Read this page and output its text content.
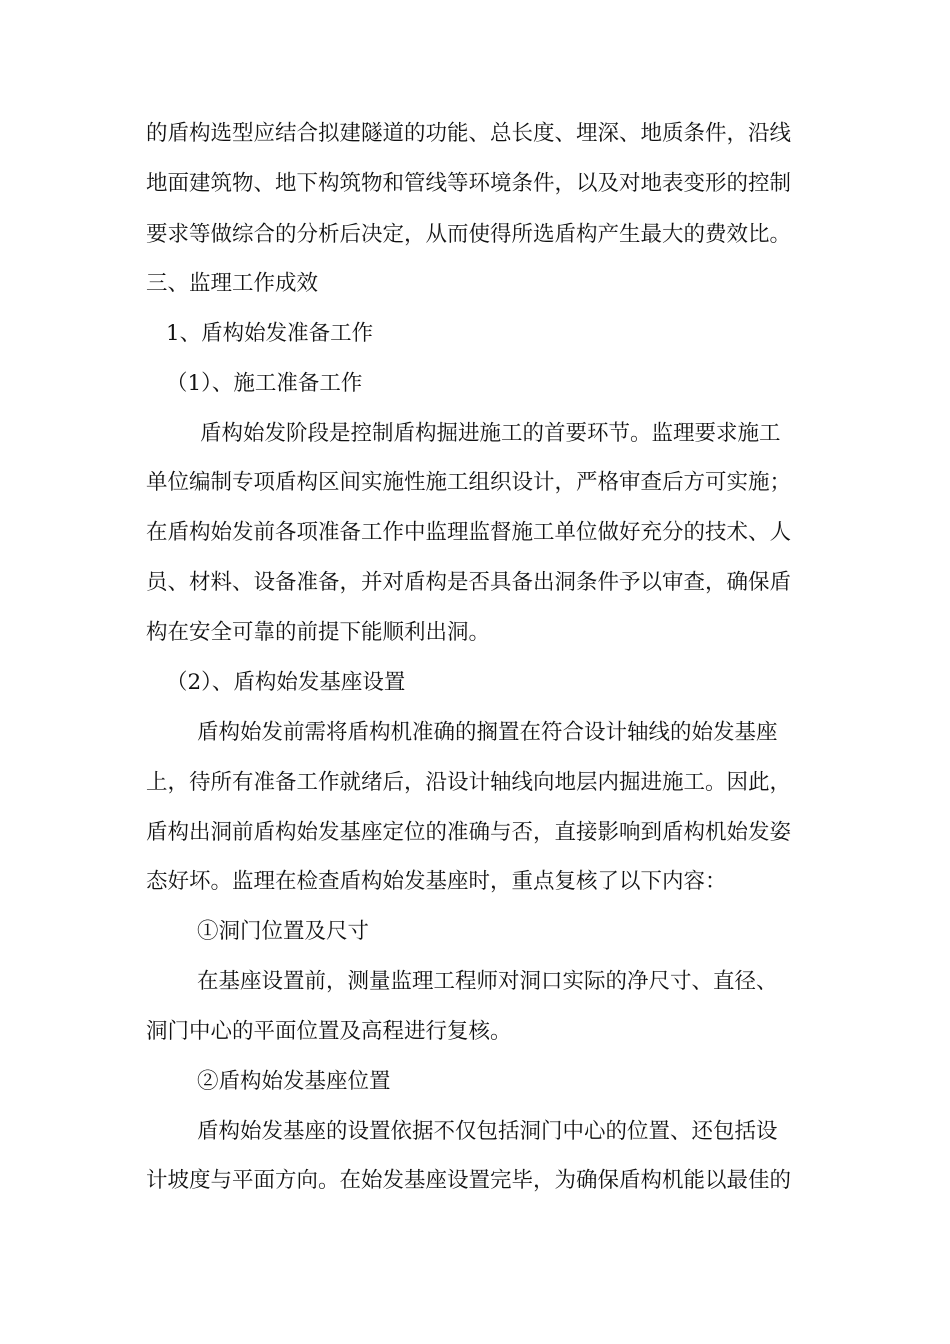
的盾构选型应结合拟建隧道的功能、总长度、埋深、地质条件，沿线
地面建筑物、地下构筑物和管线等环境条件，以及对地表变形的控制
要求等做综合的分析后决定，从而使得所选盾构产生最大的费效比。
三、监理工作成效
1、盾构始发准备工作
（1）、施工准备工作
盾构始发阶段是控制盾构掘进施工的首要环节。监理要求施工
单位编制专项盾构区间实施性施工组织设计，严格审查后方可实施；
在盾构始发前各项准备工作中监理监督施工单位做好充分的技术、人
员、材料、设备准备，并对盾构是否具备出洞条件予以审查，确保盾
构在安全可靠的前提下能顺利出洞。
（2）、盾构始发基座设置
盾构始发前需将盾构机准确的搁置在符合设计轴线的始发基座
上，待所有准备工作就绪后，沿设计轴线向地层内掘进施工。因此，
盾构出洞前盾构始发基座定位的准确与否，直接影响到盾构机始发姿
态好坏。监理在检查盾构始发基座时，重点复核了以下内容：
①洞门位置及尺寸
在基座设置前，测量监理工程师对洞口实际的净尺寸、直径、
洞门中心的平面位置及高程进行复核。
②盾构始发基座位置
盾构始发基座的设置依据不仅包括洞门中心的位置、还包括设
计坡度与平面方向。在始发基座设置完毕，为确保盾构机能以最佳的
